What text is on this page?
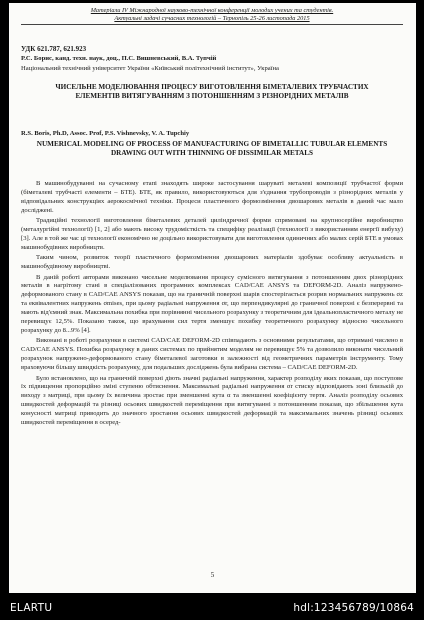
Матеріали IV Міжнародної науково-технічної конференції молодих учених та студентів.
Актуальні задачі сучасних технологій – Тернопіль 25-26 листопада 2015
УДК 621.787, 621.923
Р.С. Борис, канд. техн. наук, доц., П.С. Вишневський, В.А. Тупчій
Національний технічний університет України «Київський політехнічний інститут», Україна
ЧИСЕЛЬНЕ МОДЕЛЮВАННЯ ПРОЦЕСУ ВИГОТОВЛЕННЯ БІМЕТАЛЕВИХ ТРУБЧАСТИХ ЕЛЕМЕНТІВ ВИТЯГУВАННЯМ З ПОТОНШЕННЯМ З РІЗНОРІДНИХ МЕТАЛІВ
R.S. Boris, Ph.D, Assoc. Prof, P.S. Vishnevsky, V. A. Tupchiy
NUMERICAL MODELING OF PROCESS OF MANUFACTURING OF BIMETALLIC TUBULAR ELEMENTS DRAWING OUT WITH THINNING OF DISSIMILAR METALS

В машинобудуванні на сучасному етапі знаходять широке застосування шаруваті металеві композиції трубчастої форми (біметалеві трубчасті елементи – БТЕ). БТЕ, як правило, використовуються для з'єднання трубопроводів з різнорідних металів у відповідальних конструкціях аерокосмічної техніки. Процеси пластичного формозмінення двошарових металів в даний час мало досліджені.

Традиційні технології виготовлення біметалевих деталей циліндричної форми спрямовані на крупносерійне виробництво (металургійні технології) [1, 2] або мають високу трудомісткість та специфіку реалізації (технології з використанням енергії вибуху) [3]. Але в той же час ці технології економічно не доцільно використовувати для виготовлення одиничних або малих серій БТЕ в умовах машинобудівних виробництв.

Таким чином, розвиток теорії пластичного формозмінення двошарових матеріалів здобуває особливу актуальність в машинобудівному виробництві.

В даній роботі авторами виконано чисельне моделювання процесу сумісного витягування з потоншенням двох різнорідних металів в нагрітому стані в спеціалізованих програмних комплексах CAD/CAE ANSYS та DEFORM-2D. Аналіз напружено-деформованого стану в CAD/CAE ANSYS показав, що на граничній поверхні шарів спостерігається розрив нормальних напружень σz та еквівалентних напружень σmises, при цьому радіальні напруження σr, що перпендикулярні до граничної поверхні є безперервні та мають від'ємний знак. Максимальна похибка при порівнянні чисельного розрахунку з теоретичним для ідеальнопластичного металу не перевищує 12,5%. Показано також, що врахування сил тертя зменшує похибку теоретичного розрахунку відносно чисельного розрахунку до 8...9% [4].

Виконані в роботі розрахунки в системі CAD/CAE DEFORM-2D співпадають з основними результатами, що отримані числено в CAD/CAE ANSYS. Похибка розрахунку в даних системах по прийнятим моделям не перевищує 5% та дозволило виконати чисельний розрахунок напружено-деформованого стану біметалевої заготовки в залежності від геометричних параметрів інструменту. Тому враховуючи більшу швидкість розрахунку, для подальших досліджень була вибрана система – CAD/CAE DEFORM-2D.

Було встановлено, що на граничній поверхні діють значні радіальні напруження, характер розподілу яких показав, що поступове їх підвищення пропорційно зміні ступеню обтиснення. Максимальні радіальні напруження σr стиску відповідають зоні близькій до виходу з матриці, при цьому їх величина зростає при зменшенні кута α та зменшенні коефіцієнту тертя. Аналіз розподілу осьових швидкостей деформацій та різниці осьових швидкостей переміщення при витягуванні з потоншенням показав, що збільшення кута конусності матриці приводить до значного зростання осьових швидкостей деформацій та максимальних значень різниці осьових швидкостей переміщення в осеред-

5
ELARTU	hdl:123456789/10864
